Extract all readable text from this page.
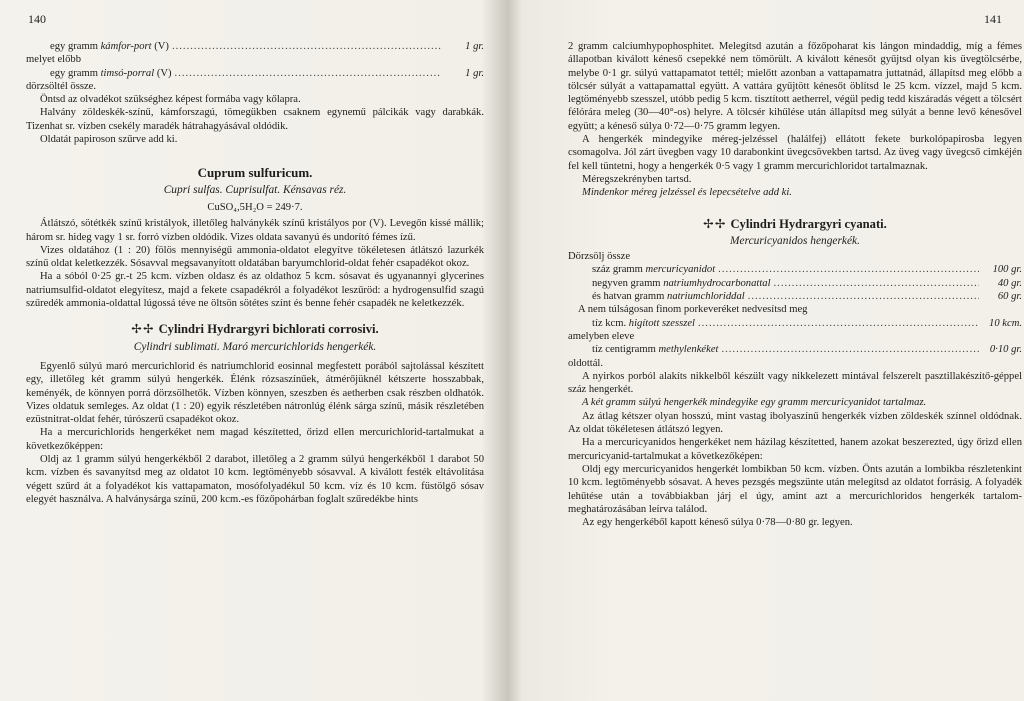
140
egy gramm kámfor-port (V) .....	1 gr.

melyet előbb

egy gramm timsó-porral (V) .....	1 gr.

dörzsöltél össze.

Öntsd az olvadékot szükséghez képest formába vagy kőlapra.

Halvány zöldeskék-színű, kámforszagú, tömegükben csaknem egynemű pálcikák vagy darabkák. Tizenhat sr. vízben csekély maradék hátrahagyásával oldódik.

Oldatát papiroson szűrve add ki.

Cuprum sulfuricum.
Cupri sulfas. Cuprisulfat. Kénsavas réz.
CuSO₄,5H₂O = 249·7.

Átlátszó, sötétkék színű kristályok, illetőleg halványkék színű kristályos por (V). Levegőn kissé mállik; három sr. hideg vagy 1 sr. forró vízben oldódik. Vizes oldata savanyú és undorító fémes ízű.

Vizes oldatához (1 : 20) fölös mennyiségű ammonia-oldatot elegyítve tökéletesen átlátszó lazurkék színű oldat keletkezzék. Sósavval megsavanyított oldatában baryumchlorid-oldat fehér csapadékot okoz.

Ha a sóból 0·25 gr.-t 25 kcm. vízben oldasz és az oldathoz 5 kcm. sósavat és ugyanannyi glycerines natriumsulfid-oldatot elegyítesz, majd a fekete csapadékról a folyadékot leszűröd: a hydrogensulfid szagú szűredék ammonia-oldattal lúgossá téve ne öltsön sötétes színt és benne fehér csapadék ne keletkezzék.

✢ ✢ Cylindri Hydrargyri bichlorati corrosivi.
Cylindri sublimati. Maró mercurichlorids hengerkék.

Egyenlő súlyú maró mercurichlorid és natriumchlorid eosinnal megfestett porából sajtolással készített egy, illetőleg két gramm súlyú hengerkék. Élénk rózsaszínűek, átmérőjüknél kétszerte hosszabbak, keményék, de könnyen porrá dörzsölhetők. Vízben könnyen, szeszben és aetherben csak részben oldhatók. Vizes oldatuk semleges. Az oldat (1 : 20) egyik részletében nátronlúg élénk sárga színű, másik részletében ezüstnitrat-oldat fehér, túrószerű csapadékot okoz.

Ha a mercurichlorids hengerkéket nem magad készítetted, őrizd ellen mercurichlorid-tartalmukat a következőképpen:

Oldj az 1 gramm súlyú hengerkékből 2 darabot, illetőleg a 2 gramm súlyú hengerkékből 1 darabot 50 kcm. vízben és savanyítsd meg az oldatot 10 kcm. legtöményebb sósavval. A kiválott festék eltávolítása végett szűrd át a folyadékot kis vattapamaton, mosófolyadékul 50 kcm. víz és 10 kcm. füstölgő sósav elegyét használva. A halványsárga színű, 200 kcm.-es főzőpohárban foglalt szűredékbe hints

141

2 gramm calciumhypophosphitet. Melegítsd azután a főzőpoharat kis lángon mindaddig, míg a fémes állapotban kiválott kéneső csepekké nem tömörült. A kiválott kénesőt gyűjtsd olyan kis üvegtölcsérbe, melybe 0·1 gr. súlyú vattapamatot tettél; mielőtt azonban a vattapamatra juttatnád, állapítsd meg előbb a tölcsér súlyát a vattapamattal együtt. A vattára gyűjtött kénesőt öblítsd le 25 kcm. vízzel, majd 5 kcm. legtöményebb szesszel, utóbb pedig 5 kcm. tisztított aetherrel, végül pedig tedd kiszáradás végett a tölcsért félórára meleg (30—40°-os) helyre. A tölcsér kihűlése után állapítsd meg súlyát a benne levő kénesővel együtt; a kéneső súlya 0·72—0·75 gramm legyen.

A hengerkék mindegyike méreg-jelzéssel (halálfej) ellátott fekete burkolópapirosba legyen csomagolva. Jól zárt üvegben vagy 10 darabonkint üvegcsövekben tartsd. Az üveg vagy üvegcső cimkéjén fel kell tüntetni, hogy a hengerkék 0·5 vagy 1 gramm mercurichloridot tartalmaznak.

Méregszekrényben tartsd.

Mindenkor méreg jelzéssel és lepecsételve add ki.

✢ ✢ Cylindri Hydrargyri cyanati.
Mercuricyanidos hengerkék.

Dörzsölj össze

száz gramm mercuricyanidot .....	100 gr.
negyven gramm natriumhydrocarbonattal .....	40 gr.
és hatvan gramm natriumchloriddal .....	60 gr.

A nem túlságosan finom porkeveréket nedvesítsd meg

tíz kcm. higított szesszel .....	10 kcm.

amelyben eleve

tíz centigramm methylenkéket .....	0·10 gr.

oldottál.

A nyirkos porból alakíts nikkelből készült vagy nikkelezett mintával felszerelt pasztillakészítő-géppel száz hengerkét.

A két gramm súlyú hengerkék mindegyike egy gramm mercuricyanidot tartalmaz.

Az átlag kétszer olyan hosszú, mint vastag ibolyaszínű hengerkék vízben zöldeskék színnel oldódnak. Az oldat tökéletesen átlátszó legyen.

Ha a mercuricyanidos hengerkéket nem házilag készítetted, hanem azokat beszerezted, úgy őrizd ellen mercuricyanid-tartalmukat a következőképen:

Oldj egy mercuricyanidos hengerkét lombikban 50 kcm. vízben. Önts azután a lombikba részletenkint 10 kcm. legtöményebb sósavat. A heves pezsgés megszünte után melegítsd az oldatot forrásig. A folyadék lehűtése után a továbbiakban járj el úgy, amint azt a mercurichloridos hengerkék tartalom-meghatározásában leírva találod.

Az egy hengerkéből kapott kéneső súlya 0·78—0·80 gr. legyen.
